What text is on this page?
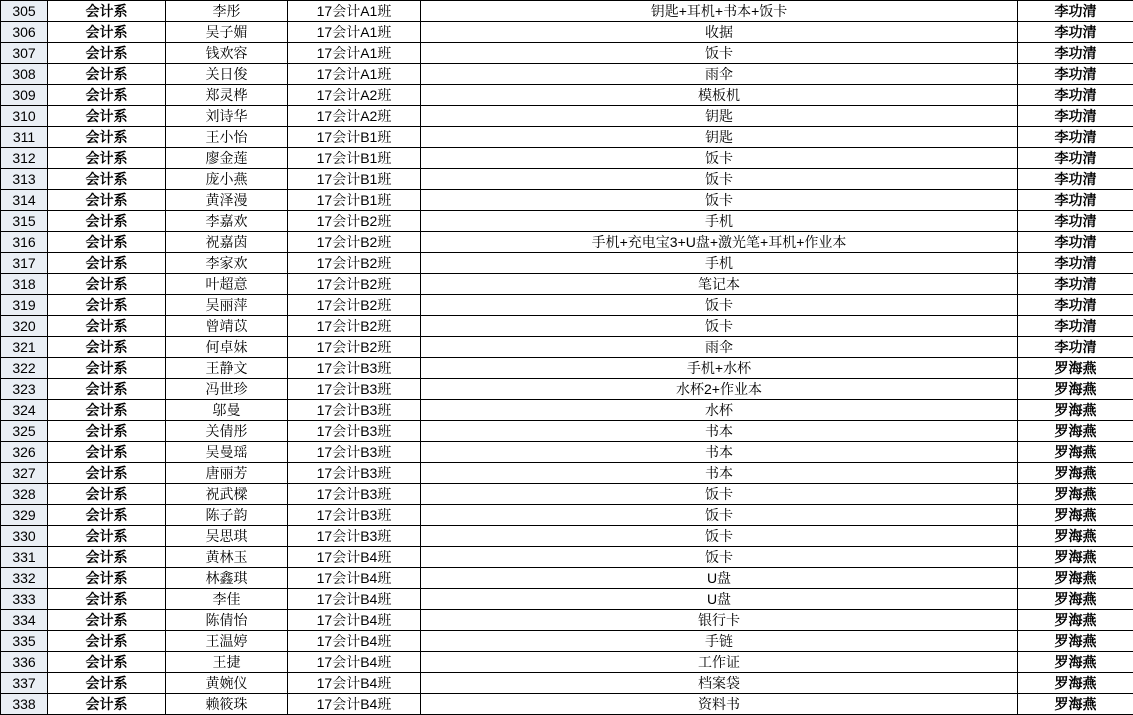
305	会计系	李彤	17会计A1班	钥匙+耳机+书本+饭卡	李功清
306	会计系	吴子媚	17会计A1班	收据	李功清
307	会计系	钱欢容	17会计A1班	饭卡	李功清
308	会计系	关日俊	17会计A1班	雨伞	李功清
309	会计系	郑灵桦	17会计A2班	模板机	李功清
310	会计系	刘诗华	17会计A2班	钥匙	李功清
311	会计系	王小怡	17会计B1班	钥匙	李功清
312	会计系	廖金莲	17会计B1班	饭卡	李功清
313	会计系	庞小燕	17会计B1班	饭卡	李功清
314	会计系	黄泽漫	17会计B1班	饭卡	李功清
315	会计系	李嘉欢	17会计B2班	手机	李功清
316	会计系	祝嘉茵	17会计B2班	手机+充电宝3+U盘+激光笔+耳机+作业本	李功清
317	会计系	李家欢	17会计B2班	手机	李功清
318	会计系	叶超意	17会计B2班	笔记本	李功清
319	会计系	吴丽萍	17会计B2班	饭卡	李功清
320	会计系	曾靖苡	17会计B2班	饭卡	李功清
321	会计系	何卓妹	17会计B2班	雨伞	李功清
322	会计系	王静文	17会计B3班	手机+水杯	罗海燕
323	会计系	冯世珍	17会计B3班	水杯2+作业本	罗海燕
324	会计系	邬曼	17会计B3班	水杯	罗海燕
325	会计系	关倩彤	17会计B3班	书本	罗海燕
326	会计系	吴曼瑶	17会计B3班	书本	罗海燕
327	会计系	唐丽芳	17会计B3班	书本	罗海燕
328	会计系	祝武樑	17会计B3班	饭卡	罗海燕
329	会计系	陈子韵	17会计B3班	饭卡	罗海燕
330	会计系	吴思琪	17会计B3班	饭卡	罗海燕
331	会计系	黄林玉	17会计B4班	饭卡	罗海燕
332	会计系	林鑫琪	17会计B4班	U盘	罗海燕
333	会计系	李佳	17会计B4班	U盘	罗海燕
334	会计系	陈倩怡	17会计B4班	银行卡	罗海燕
335	会计系	王温婷	17会计B4班	手链	罗海燕
336	会计系	王捷	17会计B4班	工作证	罗海燕
337	会计系	黄婉仪	17会计B4班	档案袋	罗海燕
338	会计系	赖筱珠	17会计B4班	资料书	罗海燕
